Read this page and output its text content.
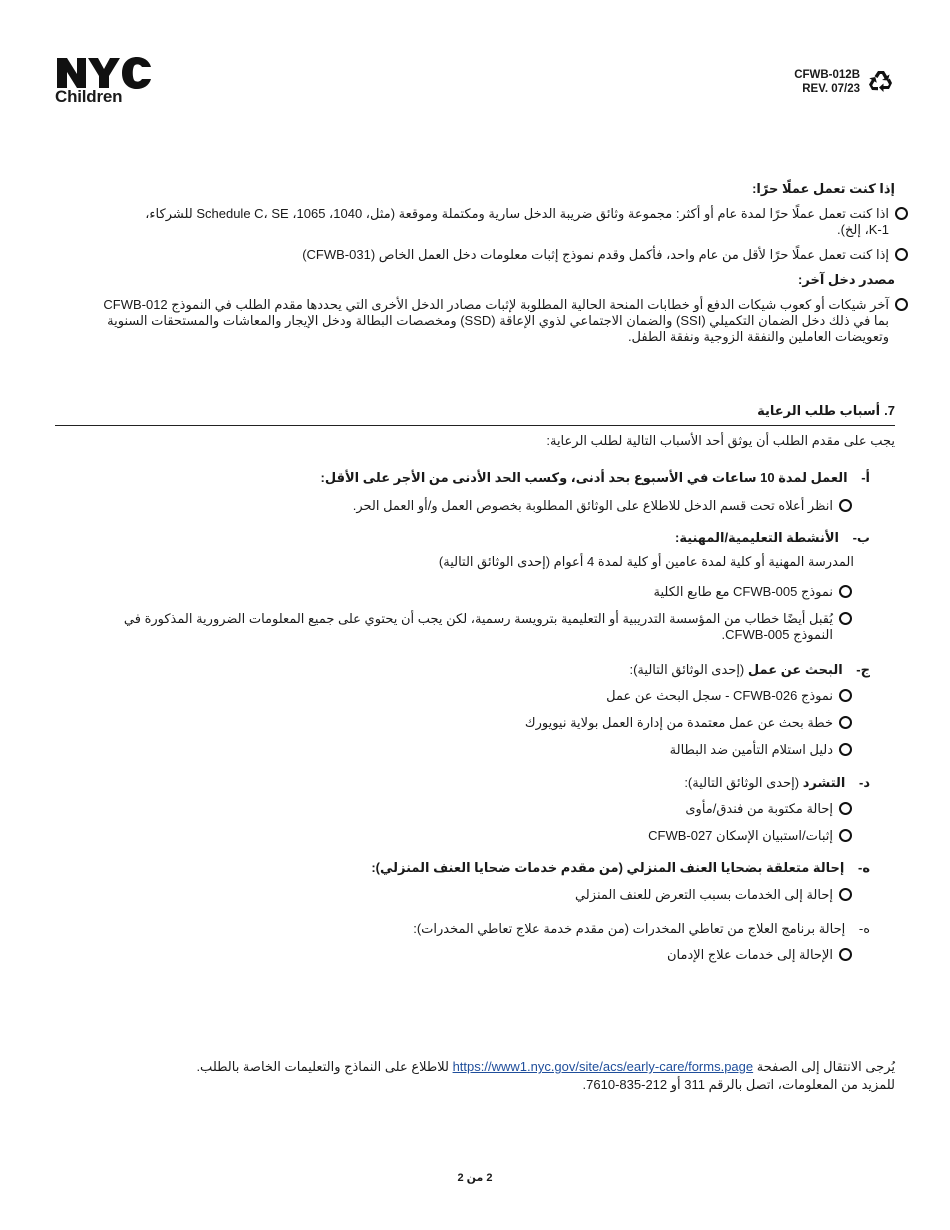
Children
CFWB-012B
REV. 07/23
إذا كنت تعمل عملًا حرًا:
اذا كنت تعمل عملًا حرًا لمدة عام أو أكثر: مجموعة وثائق ضريبة الدخل سارية ومكتملة وموقعة (مثل، 1040، 1065، Schedule C، SE للشركاء، K-1، إلخ).
إذا كنت تعمل عملًا حرًا لأقل من عام واحد، فأكمل وقدم نموذج إثبات معلومات دخل العمل الخاص (CFWB-031)
مصدر دخل آخر:
آخر شيكات أو كعوب شيكات الدفع أو خطابات المنحة الحالية المطلوبة لإثبات مصادر الدخل الأخرى التي يحددها مقدم الطلب في النموذج CFWB-012 بما في ذلك دخل الضمان التكميلي (SSI) والضمان الاجتماعي لذوي الإعاقة (SSD) ومخصصات البطالة ودخل الإيجار والمعاشات والمستحقات السنوية وتعويضات العاملين والنفقة الزوجية ونفقة الطفل.
7.
أسباب طلب الرعاية
يجب على مقدم الطلب أن يوثق أحد الأسباب التالية لطلب الرعاية:
أ- العمل لمدة 10 ساعات في الأسبوع بحد أدنى، وكسب الحد الأدنى من الأجر على الأقل:
انظر أعلاه تحت قسم الدخل للاطلاع على الوثائق المطلوبة بخصوص العمل و/أو العمل الحر.
ب- الأنشطة التعليمية/المهنية:
المدرسة المهنية أو كلية لمدة عامين أو كلية لمدة 4 أعوام (إحدى الوثائق التالية)
نموذج CFWB-005 مع طابع الكلية
يُقبل أيضًا خطاب من المؤسسة التدريبية أو التعليمية بترويسة رسمية، لكن يجب أن يحتوي على جميع المعلومات الضرورية المذكورة في النموذج CFWB-005.
ج- البحث عن عمل (إحدى الوثائق التالية):
نموذج CFWB-026 - سجل البحث عن عمل
خطة بحث عن عمل معتمدة من إدارة العمل بولاية نيويورك
دليل استلام التأمين ضد البطالة
د- التشرد (إحدى الوثائق التالية):
إحالة مكتوبة من فندق/مأوى
إثبات/استبيان الإسكان CFWB-027
ه- إحالة متعلقة بضحايا العنف المنزلي (من مقدم خدمات ضحايا العنف المنزلي):
إحالة إلى الخدمات بسبب التعرض للعنف المنزلي
ه- إحالة برنامج العلاج من تعاطي المخدرات (من مقدم خدمة علاج تعاطي المخدرات):
الإحالة إلى خدمات علاج الإدمان
يُرجى الانتقال إلى الصفحة https://www1.nyc.gov/site/acs/early-care/forms.page للاطلاع على النماذج والتعليمات الخاصة بالطلب.
للمزيد من المعلومات، اتصل بالرقم 311 أو 212-835-7610.
2 من 2
